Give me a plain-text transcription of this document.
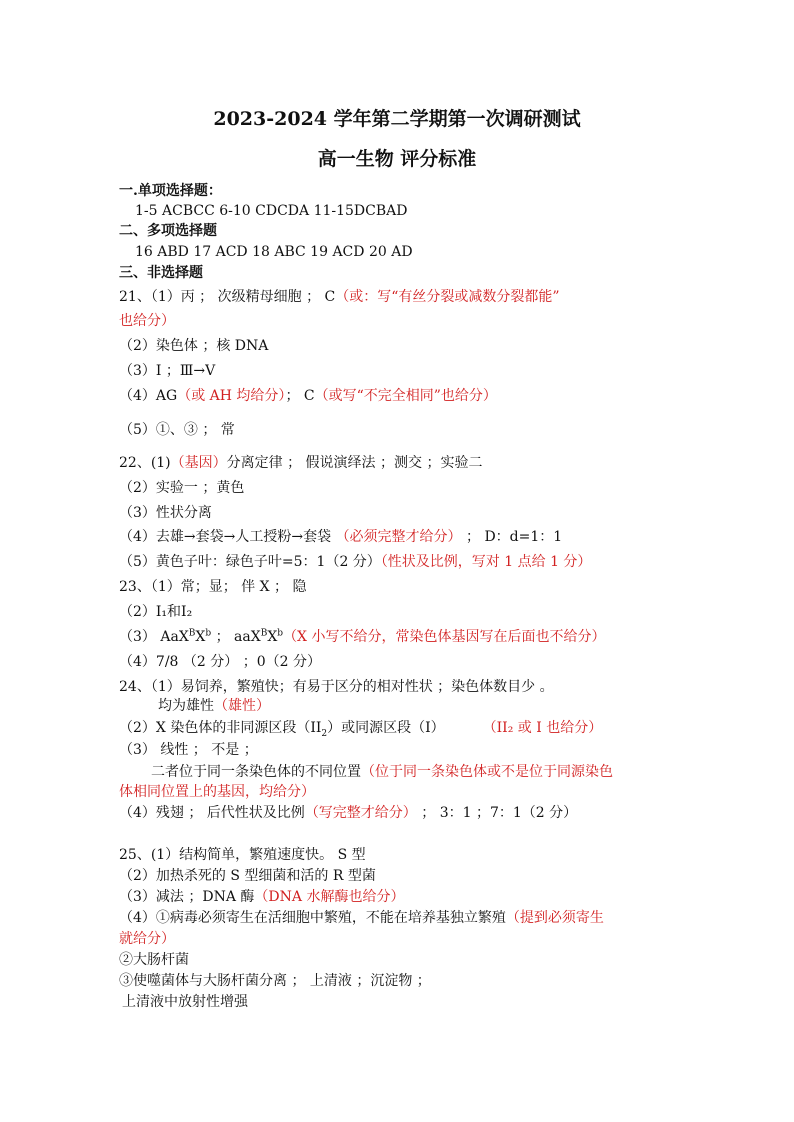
2023-2024 学年第二学期第一次调研测试
高一生物 评分标准
一.单项选择题：
1-5 ACBCC 6-10 CDCDA 11-15DCBAD
二、多项选择题
16 ABD 17 ACD 18 ABC 19 ACD 20 AD
三、非选择题
21、（1）丙 ； 次级精母细胞 ； C（或：写“有丝分裂或减数分裂都能”
也给分）
（2）染色体 ；核 DNA
（3）Ⅰ ；Ⅲ→Ⅴ
（4）AG（或 AH 均给分）； C（或写“不完全相同”也给分）
（5）①、③ ； 常
22、(1)（基因）分离定律 ； 假说演绎法 ；测交 ；实验二
（2）实验一 ；黄色
（3）性状分离
（4）去雄→套袋→人工授粉→套袋 （必须完整才给分） ； D：d=1：1
（5）黄色子叶：绿色子叶=5：1（2 分）（性状及比例，写对 1 点给 1 分）
23、（1）常；显； 伴 X ； 隐
（2）Ⅰ₁和Ⅰ₂
（3） $AaX^BX^b$ ； $aaX^BX^b(X$ 小写不给分，常染色体基因写在后面也不给分）
（4）7/8 （2 分） ；0（2 分）
24、（1）易饲养，繁殖快；有易于区分的相对性状 ；染色体数目少 。
均为雄性（雄性）
（2）X 染色体的非同源区段$(II_2)$或同源区段（I）	（II₂ 或 I 也给分）
（3） 线性 ； 不是 ；
二者位于同一条染色体的不同位置（位于同一条染色体或不是位于同源染色
体相同位置上的基因，均给分）
（4）残翅 ； 后代性状及比例（写完整才给分） ； 3：1 ；7：1（2 分）
25、(1）结构简单，繁殖速度快。 S 型
（2）加热杀死的 S 型细菌和活的 R 型菌
（3）减法 ；DNA 酶（DNA 水解酶也给分）
（4）①病毒必须寄生在活细胞中繁殖，不能在培养基独立繁殖（提到必须寄生
就给分）
②大肠杆菌
③使噬菌体与大肠杆菌分离 ； 上清液 ；沉淀物 ；
上清液中放射性增强
